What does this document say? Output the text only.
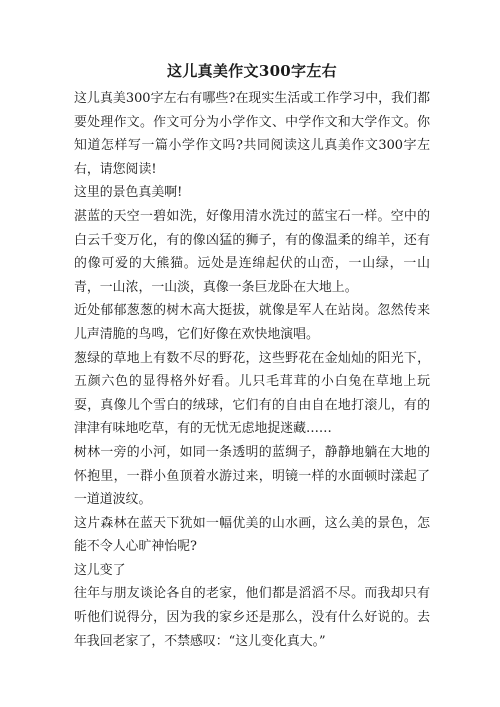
这儿真美作文300字左右

这儿真美300字左右有哪些?在现实生活或工作学习中，我们都要处理作文。作文可分为小学作文、中学作文和大学作文。你知道怎样写一篇小学作文吗?共同阅读这儿真美作文300字左右，请您阅读!

这里的景色真美啊!

湛蓝的天空一碧如洗，好像用清水洗过的蓝宝石一样。空中的白云千变万化，有的像凶猛的狮子，有的像温柔的绵羊，还有的像可爱的大熊猫。远处是连绵起伏的山峦，一山绿，一山青，一山浓，一山淡，真像一条巨龙卧在大地上。

近处郁郁葱葱的树木高大挺拔，就像是军人在站岗。忽然传来儿声清脆的鸟鸣，它们好像在欢快地演唱。

葱绿的草地上有数不尽的野花，这些野花在金灿灿的阳光下，五颜六色的显得格外好看。儿只毛茸茸的小白兔在草地上玩耍，真像儿个雪白的绒球，它们有的自由自在地打滚儿，有的津津有味地吃草，有的无忧无虑地捉迷藏……

树林一旁的小河，如同一条透明的蓝绸子，静静地躺在大地的怀抱里，一群小鱼顶着水游过来，明镜一样的水面顿时漾起了一道道波纹。

这片森林在蓝天下犹如一幅优美的山水画，这么美的景色，怎能不令人心旷神怡呢?

这儿变了

往年与朋友谈论各自的老家，他们都是滔滔不尽。而我却只有听他们说得分，因为我的家乡还是那么，没有什么好说的。去年我回老家了，不禁感叹：“这儿变化真大。”
